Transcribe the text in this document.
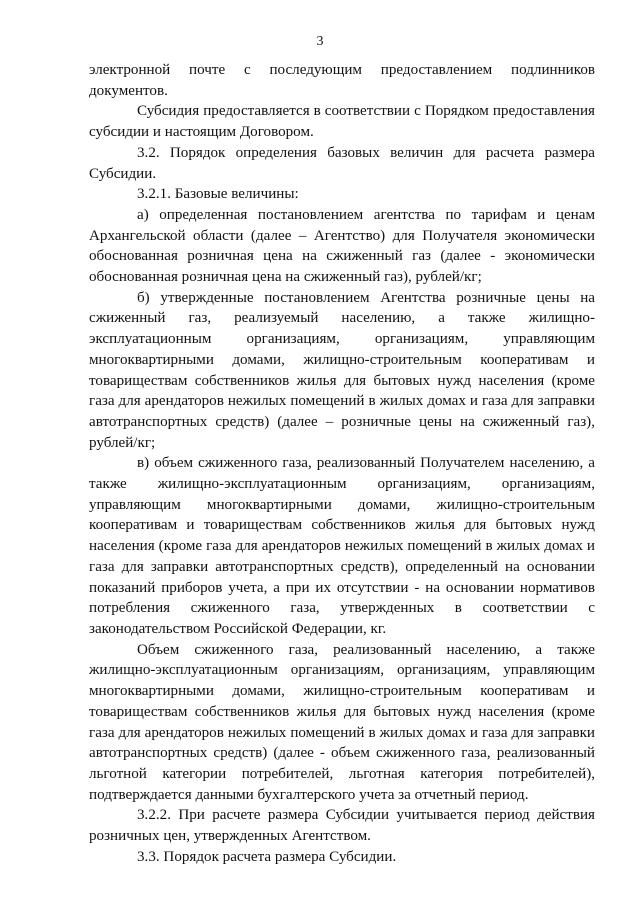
3

электронной почте с последующим предоставлением подлинников документов.

Субсидия предоставляется в соответствии с Порядком предоставления субсидии и настоящим Договором.

3.2. Порядок определения базовых величин для расчета размера Субсидии.

3.2.1. Базовые величины:

а) определенная постановлением агентства по тарифам и ценам Архангельской области (далее – Агентство) для Получателя экономически обоснованная розничная цена на сжиженный газ (далее - экономически обоснованная розничная цена на сжиженный газ), рублей/кг;

б) утвержденные постановлением Агентства розничные цены на сжиженный газ, реализуемый населению, а также жилищно-эксплуатационным организациям, организациям, управляющим многоквартирными домами, жилищно-строительным кооперативам и товариществам собственников жилья для бытовых нужд населения (кроме газа для арендаторов нежилых помещений в жилых домах и газа для заправки автотранспортных средств) (далее – розничные цены на сжиженный газ), рублей/кг;

в) объем сжиженного газа, реализованный Получателем населению, а также жилищно-эксплуатационным организациям, организациям, управляющим многоквартирными домами, жилищно-строительным кооперативам и товариществам собственников жилья для бытовых нужд населения (кроме газа для арендаторов нежилых помещений в жилых домах и газа для заправки автотранспортных средств), определенный на основании показаний приборов учета, а при их отсутствии - на основании нормативов потребления сжиженного газа, утвержденных в соответствии с законодательством Российской Федерации, кг.

Объем сжиженного газа, реализованный населению, а также жилищно-эксплуатационным организациям, организациям, управляющим многоквартирными домами, жилищно-строительным кооперативам и товариществам собственников жилья для бытовых нужд населения (кроме газа для арендаторов нежилых помещений в жилых домах и газа для заправки автотранспортных средств) (далее - объем сжиженного газа, реализованный льготной категории потребителей, льготная категория потребителей), подтверждается данными бухгалтерского учета за отчетный период.

3.2.2. При расчете размера Субсидии учитывается период действия розничных цен, утвержденных Агентством.

3.3. Порядок расчета размера Субсидии.
